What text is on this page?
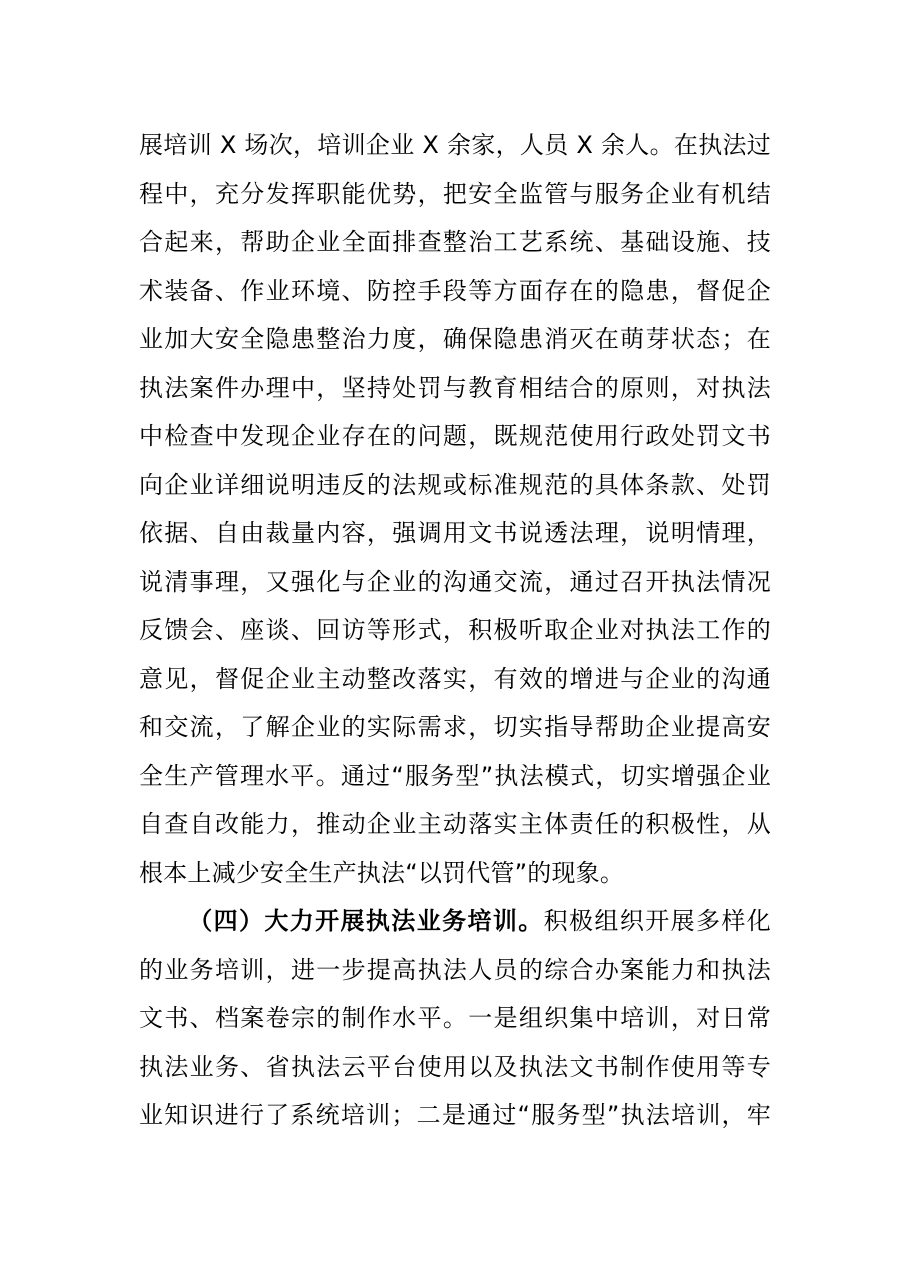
展培训 X 场次，培训企业 X 余家，人员 X 余人。在执法过
程中，充分发挥职能优势，把安全监管与服务企业有机结
合起来，帮助企业全面排查整治工艺系统、基础设施、技
术装备、作业环境、防控手段等方面存在的隐患，督促企
业加大安全隐患整治力度，确保隐患消灭在萌芽状态；在
执法案件办理中，坚持处罚与教育相结合的原则，对执法
中检查中发现企业存在的问题，既规范使用行政处罚文书
向企业详细说明违反的法规或标准规范的具体条款、处罚
依据、自由裁量内容，强调用文书说透法理，说明情理，
说清事理，又强化与企业的沟通交流，通过召开执法情况
反馈会、座谈、回访等形式，积极听取企业对执法工作的
意见，督促企业主动整改落实，有效的增进与企业的沟通
和交流，了解企业的实际需求，切实指导帮助企业提高安
全生产管理水平。通过“服务型”执法模式，切实增强企业
自查自改能力，推动企业主动落实主体责任的积极性，从
根本上减少安全生产执法“以罚代管”的现象。
（四）大力开展执法业务培训。积极组织开展多样化
的业务培训，进一步提高执法人员的综合办案能力和执法
文书、档案卷宗的制作水平。一是组织集中培训，对日常
执法业务、省执法云平台使用以及执法文书制作使用等专
业知识进行了系统培训；二是通过“服务型”执法培训，牢
